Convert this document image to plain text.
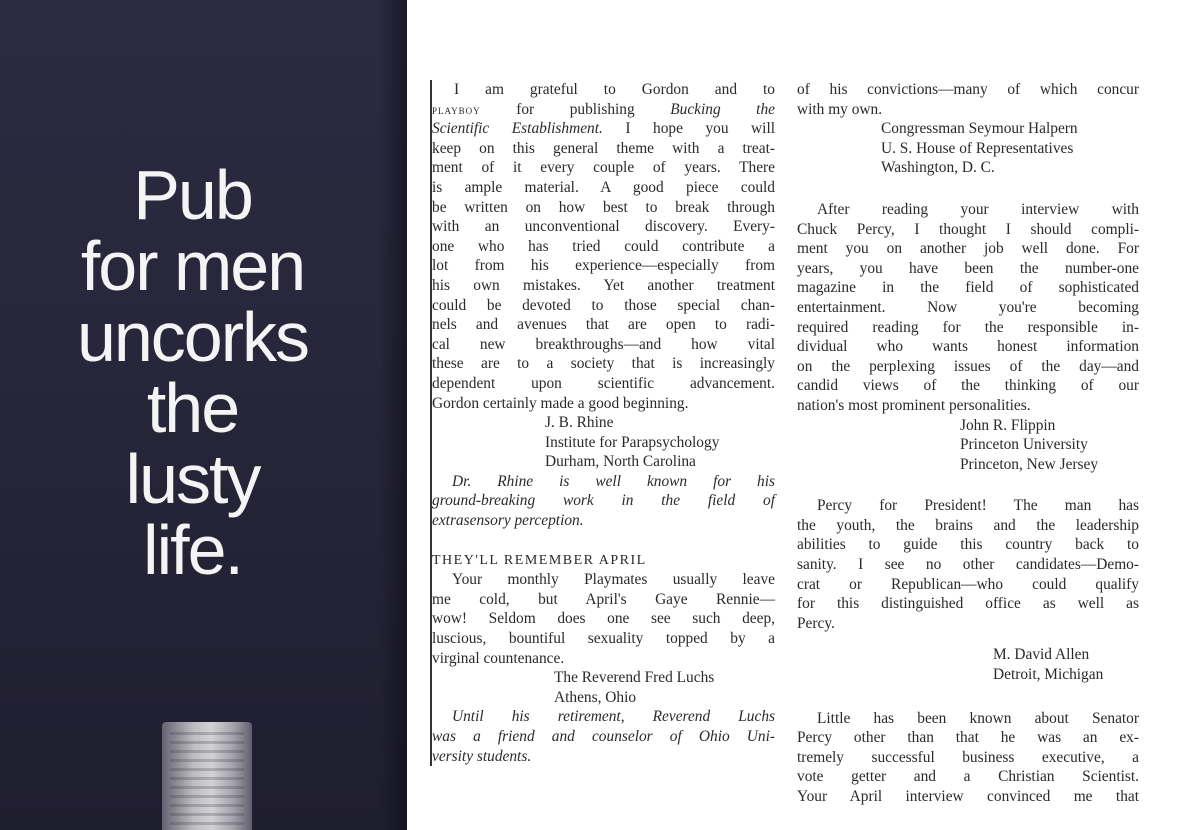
Pub
for men
uncorks
the
lusty
life.
I am grateful to Gordon and to
playboy for publishing Bucking the
Scientific Establishment. I hope you will
keep on this general theme with a treat-
ment of it every couple of years. There
is ample material. A good piece could
be written on how best to break through
with an unconventional discovery. Every-
one who has tried could contribute a
lot from his experience—especially from
his own mistakes. Yet another treatment
could be devoted to those special chan-
nels and avenues that are open to radi-
cal new breakthroughs—and how vital
these are to a society that is increasingly
dependent upon scientific advancement.
Gordon certainly made a good beginning.
J. B. Rhine
Institute for Parapsychology
Durham, North Carolina
Dr. Rhine is well known for his
ground-breaking work in the field of
extrasensory perception.
THEY'LL REMEMBER APRIL
Your monthly Playmates usually leave
me cold, but April's Gaye Rennie—
wow! Seldom does one see such deep,
luscious, bountiful sexuality topped by a
virginal countenance.
The Reverend Fred Luchs
Athens, Ohio
Until his retirement, Reverend Luchs
was a friend and counselor of Ohio Uni-
versity students.
of his convictions—many of which concur
with my own.
Congressman Seymour Halpern
U. S. House of Representatives
Washington, D. C.
After reading your interview with
Chuck Percy, I thought I should compli-
ment you on another job well done. For
years, you have been the number-one
magazine in the field of sophisticated
entertainment. Now you're becoming
required reading for the responsible in-
dividual who wants honest information
on the perplexing issues of the day—and
candid views of the thinking of our
nation's most prominent personalities.
John R. Flippin
Princeton University
Princeton, New Jersey
Percy for President! The man has
the youth, the brains and the leadership
abilities to guide this country back to
sanity. I see no other candidates—Demo-
crat or Republican—who could qualify
for this distinguished office as well as
Percy.
M. David Allen
Detroit, Michigan
Little has been known about Senator
Percy other than that he was an ex-
tremely successful business executive, a
vote getter and a Christian Scientist.
Your April interview convinced me that
